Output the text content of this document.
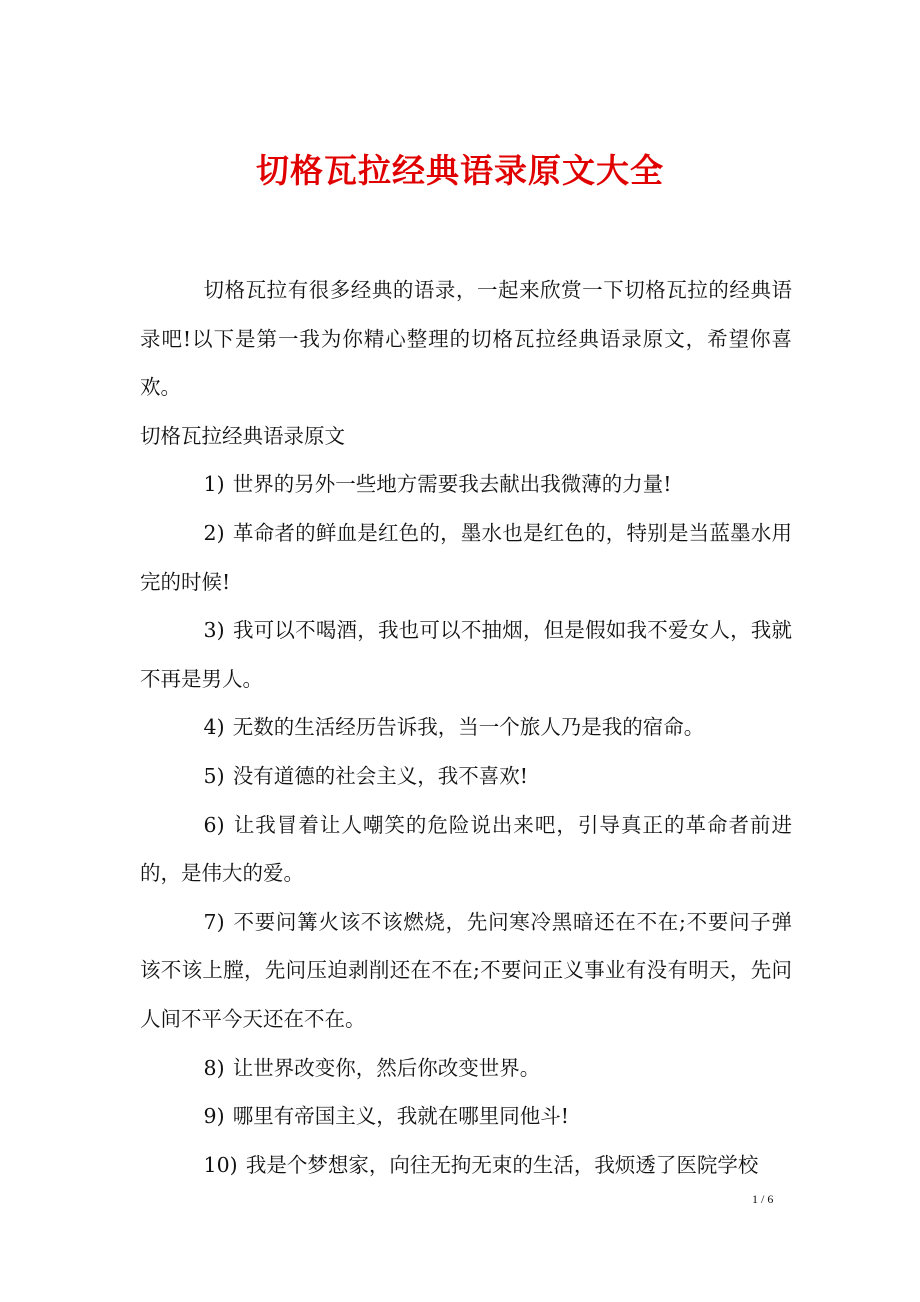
切格瓦拉经典语录原文大全

切格瓦拉有很多经典的语录，一起来欣赏一下切格瓦拉的经典语录吧!以下是第一我为你精心整理的切格瓦拉经典语录原文，希望你喜欢。

切格瓦拉经典语录原文

1) 世界的另外一些地方需要我去献出我微薄的力量!

2) 革命者的鲜血是红色的，墨水也是红色的，特别是当蓝墨水用完的时候!

3) 我可以不喝酒，我也可以不抽烟，但是假如我不爱女人，我就不再是男人。

4) 无数的生活经历告诉我，当一个旅人乃是我的宿命。

5) 没有道德的社会主义，我不喜欢!

6) 让我冒着让人嘲笑的危险说出来吧，引导真正的革命者前进的，是伟大的爱。

7) 不要问篝火该不该燃烧，先问寒冷黑暗还在不在;不要问子弹该不该上膛，先问压迫剥削还在不在;不要问正义事业有没有明天，先问人间不平今天还在不在。

8) 让世界改变你，然后你改变世界。

9) 哪里有帝国主义，我就在哪里同他斗!

10) 我是个梦想家，向往无拘无束的生活，我烦透了医院学校

1 / 6
